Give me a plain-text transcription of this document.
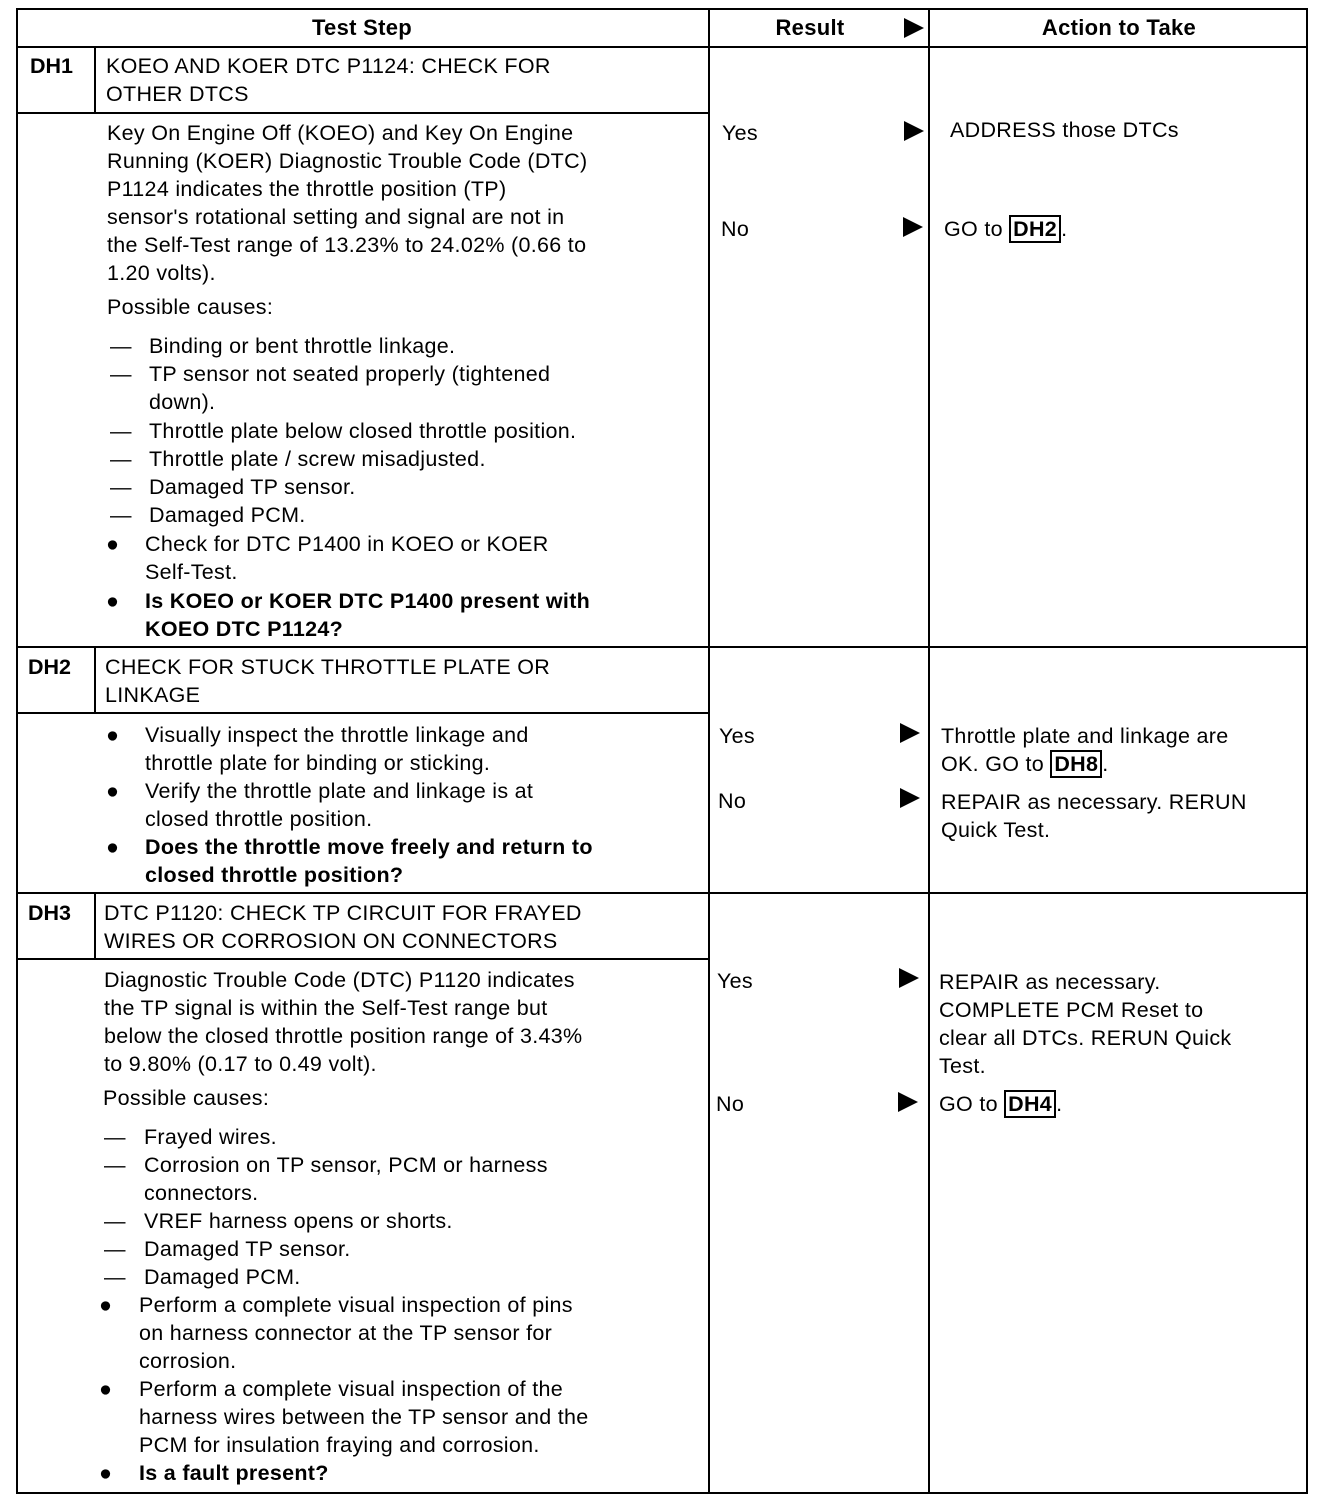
Test Step	Result	Action to Take
DH1 KOEO AND KOER DTC P1124: CHECK FOR
OTHER DTCS
Key On Engine Off (KOEO) and Key On Engine
Running (KOER) Diagnostic Trouble Code (DTC)
P1124 indicates the throttle position (TP)
sensor's rotational setting and signal are not in
the Self-Test range of 13.23% to 24.02% (0.66 to
1.20 volts).
Possible causes:
— Binding or bent throttle linkage.
— TP sensor not seated properly (tightened
down).
— Throttle plate below closed throttle position.
— Throttle plate / screw misadjusted.
— Damaged TP sensor.
— Damaged PCM.
● Check for DTC P1400 in KOEO or KOER
Self-Test.
● Is KOEO or KOER DTC P1400 present with
KOEO DTC P1124?
Yes	ADDRESS those DTCs
No	GO to DH2 .
DH2 CHECK FOR STUCK THROTTLE PLATE OR
LINKAGE
● Visually inspect the throttle linkage and
throttle plate for binding or sticking.
● Verify the throttle plate and linkage is at
closed throttle position.
● Does the throttle move freely and return to
closed throttle position?
Yes	Throttle plate and linkage are
OK. GO to DH8 .
No	REPAIR as necessary. RERUN
Quick Test.
DH3 DTC P1120: CHECK TP CIRCUIT FOR FRAYED
WIRES OR CORROSION ON CONNECTORS
Diagnostic Trouble Code (DTC) P1120 indicates
the TP signal is within the Self-Test range but
below the closed throttle position range of 3.43%
to 9.80% (0.17 to 0.49 volt).
Possible causes:
— Frayed wires.
— Corrosion on TP sensor, PCM or harness
connectors.
— VREF harness opens or shorts.
— Damaged TP sensor.
— Damaged PCM.
● Perform a complete visual inspection of pins
on harness connector at the TP sensor for
corrosion.
● Perform a complete visual inspection of the
harness wires between the TP sensor and the
PCM for insulation fraying and corrosion.
● Is a fault present?
Yes	REPAIR as necessary.
COMPLETE PCM Reset to
clear all DTCs. RERUN Quick
Test.
No	GO to DH4 .
